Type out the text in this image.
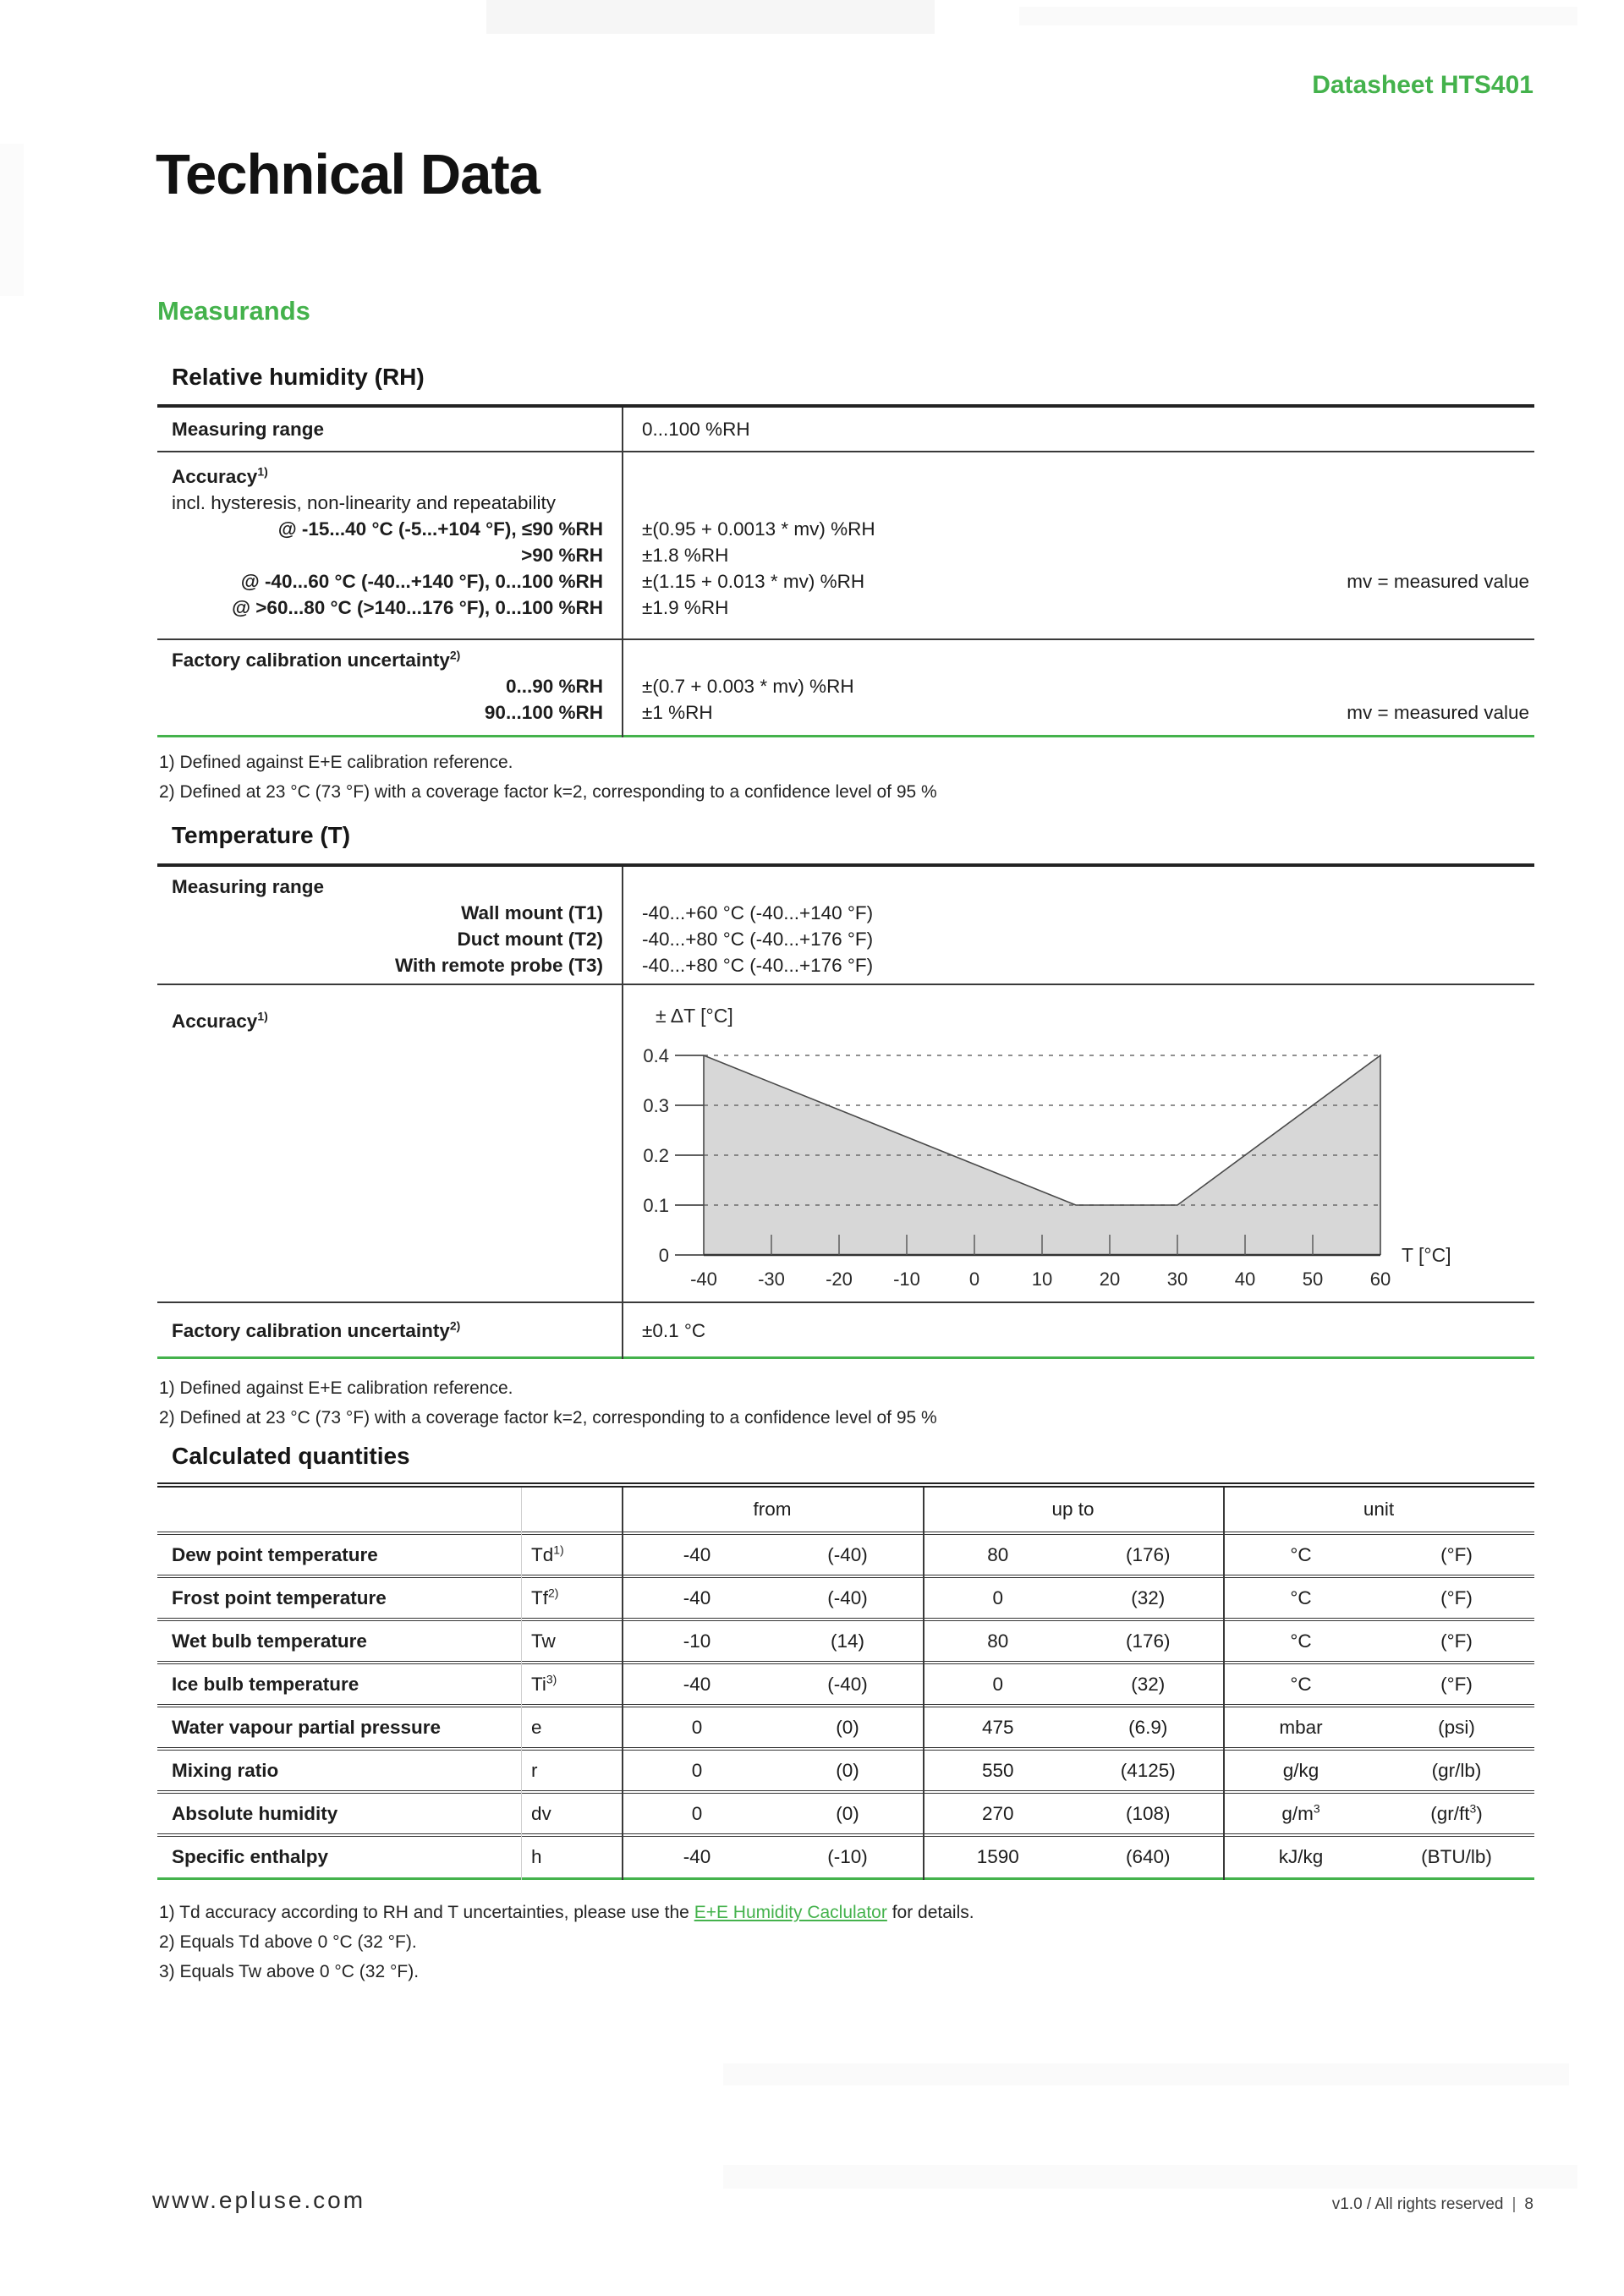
Datasheet HTS401
Technical Data
Measurands
Relative humidity (RH)
Measuring range	0...100 %RH
Accuracy$^{1)}$
incl. hysteresis, non-linearity and repeatability
@ -15...40 °C (-5...+104 °F), ≤90 %RH	±(0.95 + 0.0013 * mv) %RH
>90 %RH	±1.8 %RH
@ -40...60 °C (-40...+140 °F), 0...100 %RH	±(1.15 + 0.013 * mv) %RH	mv = measured value
@ >60...80 °C (>140...176 °F), 0...100 %RH	±1.9 %RH
Factory calibration uncertainty$^{2)}$
0...90 %RH	±(0.7 + 0.003 * mv) %RH
90...100 %RH	±1 %RH	mv = measured value
1) Defined against E+E calibration reference.
2) Defined at 23 °C (73 °F) with a coverage factor k=2, corresponding to a confidence level of 95 %
Temperature (T)
Measuring range
Wall mount (T1)	-40...+60 °C (-40...+140 °F)
Duct mount (T2)	-40...+80 °C (-40...+176 °F)
With remote probe (T3)	-40...+80 °C (-40...+176 °F)
Accuracy$^{1)}$
0
0.1
0.2
0.3
0.4
-40 -30 -20 -10	0	10	20	30	40	50	60
± ΔT [°C]
T [°C]
Factory calibration uncertainty$^{2)}$	±0.1 °C
1) Defined against E+E calibration reference.
2) Defined at 23 °C (73 °F) with a coverage factor k=2, corresponding to a confidence level of 95 %
Calculated quantities
from	up to	unit
Dew point temperature	Td$^{1)}$	-40	(-40)	80	(176)	°C	(°F)
Frost point temperature	Tf$^{2)}$	-40	(-40)	0	(32)	°C	(°F)
Wet bulb temperature	Tw	-10	(14)	80	(176)	°C	(°F)
Ice bulb temperature	Ti$^{3)}$	-40	(-40)	0	(32)	°C	(°F)
Water vapour partial pressure	e	0	(0)	475	(6.9)	mbar	(psi)
Mixing ratio	r	0	(0)	550	(4125)	g/kg	(gr/lb)
Absolute humidity	dv	0	(0)	270	(108)	$g/m^3$	$(gr/ft^3)$
Specific enthalpy	h	-40	(-10)	1590	(640)	kJ/kg	(BTU/lb)
1) Td accuracy according to RH and T uncertainties, please use the E+E Humidity Caclulator for details.
2) Equals Td above 0 °C (32 °F).
3) Equals Tw above 0 °C (32 °F).
www.epluse.com	v1.0 / All rights reserved | 8
